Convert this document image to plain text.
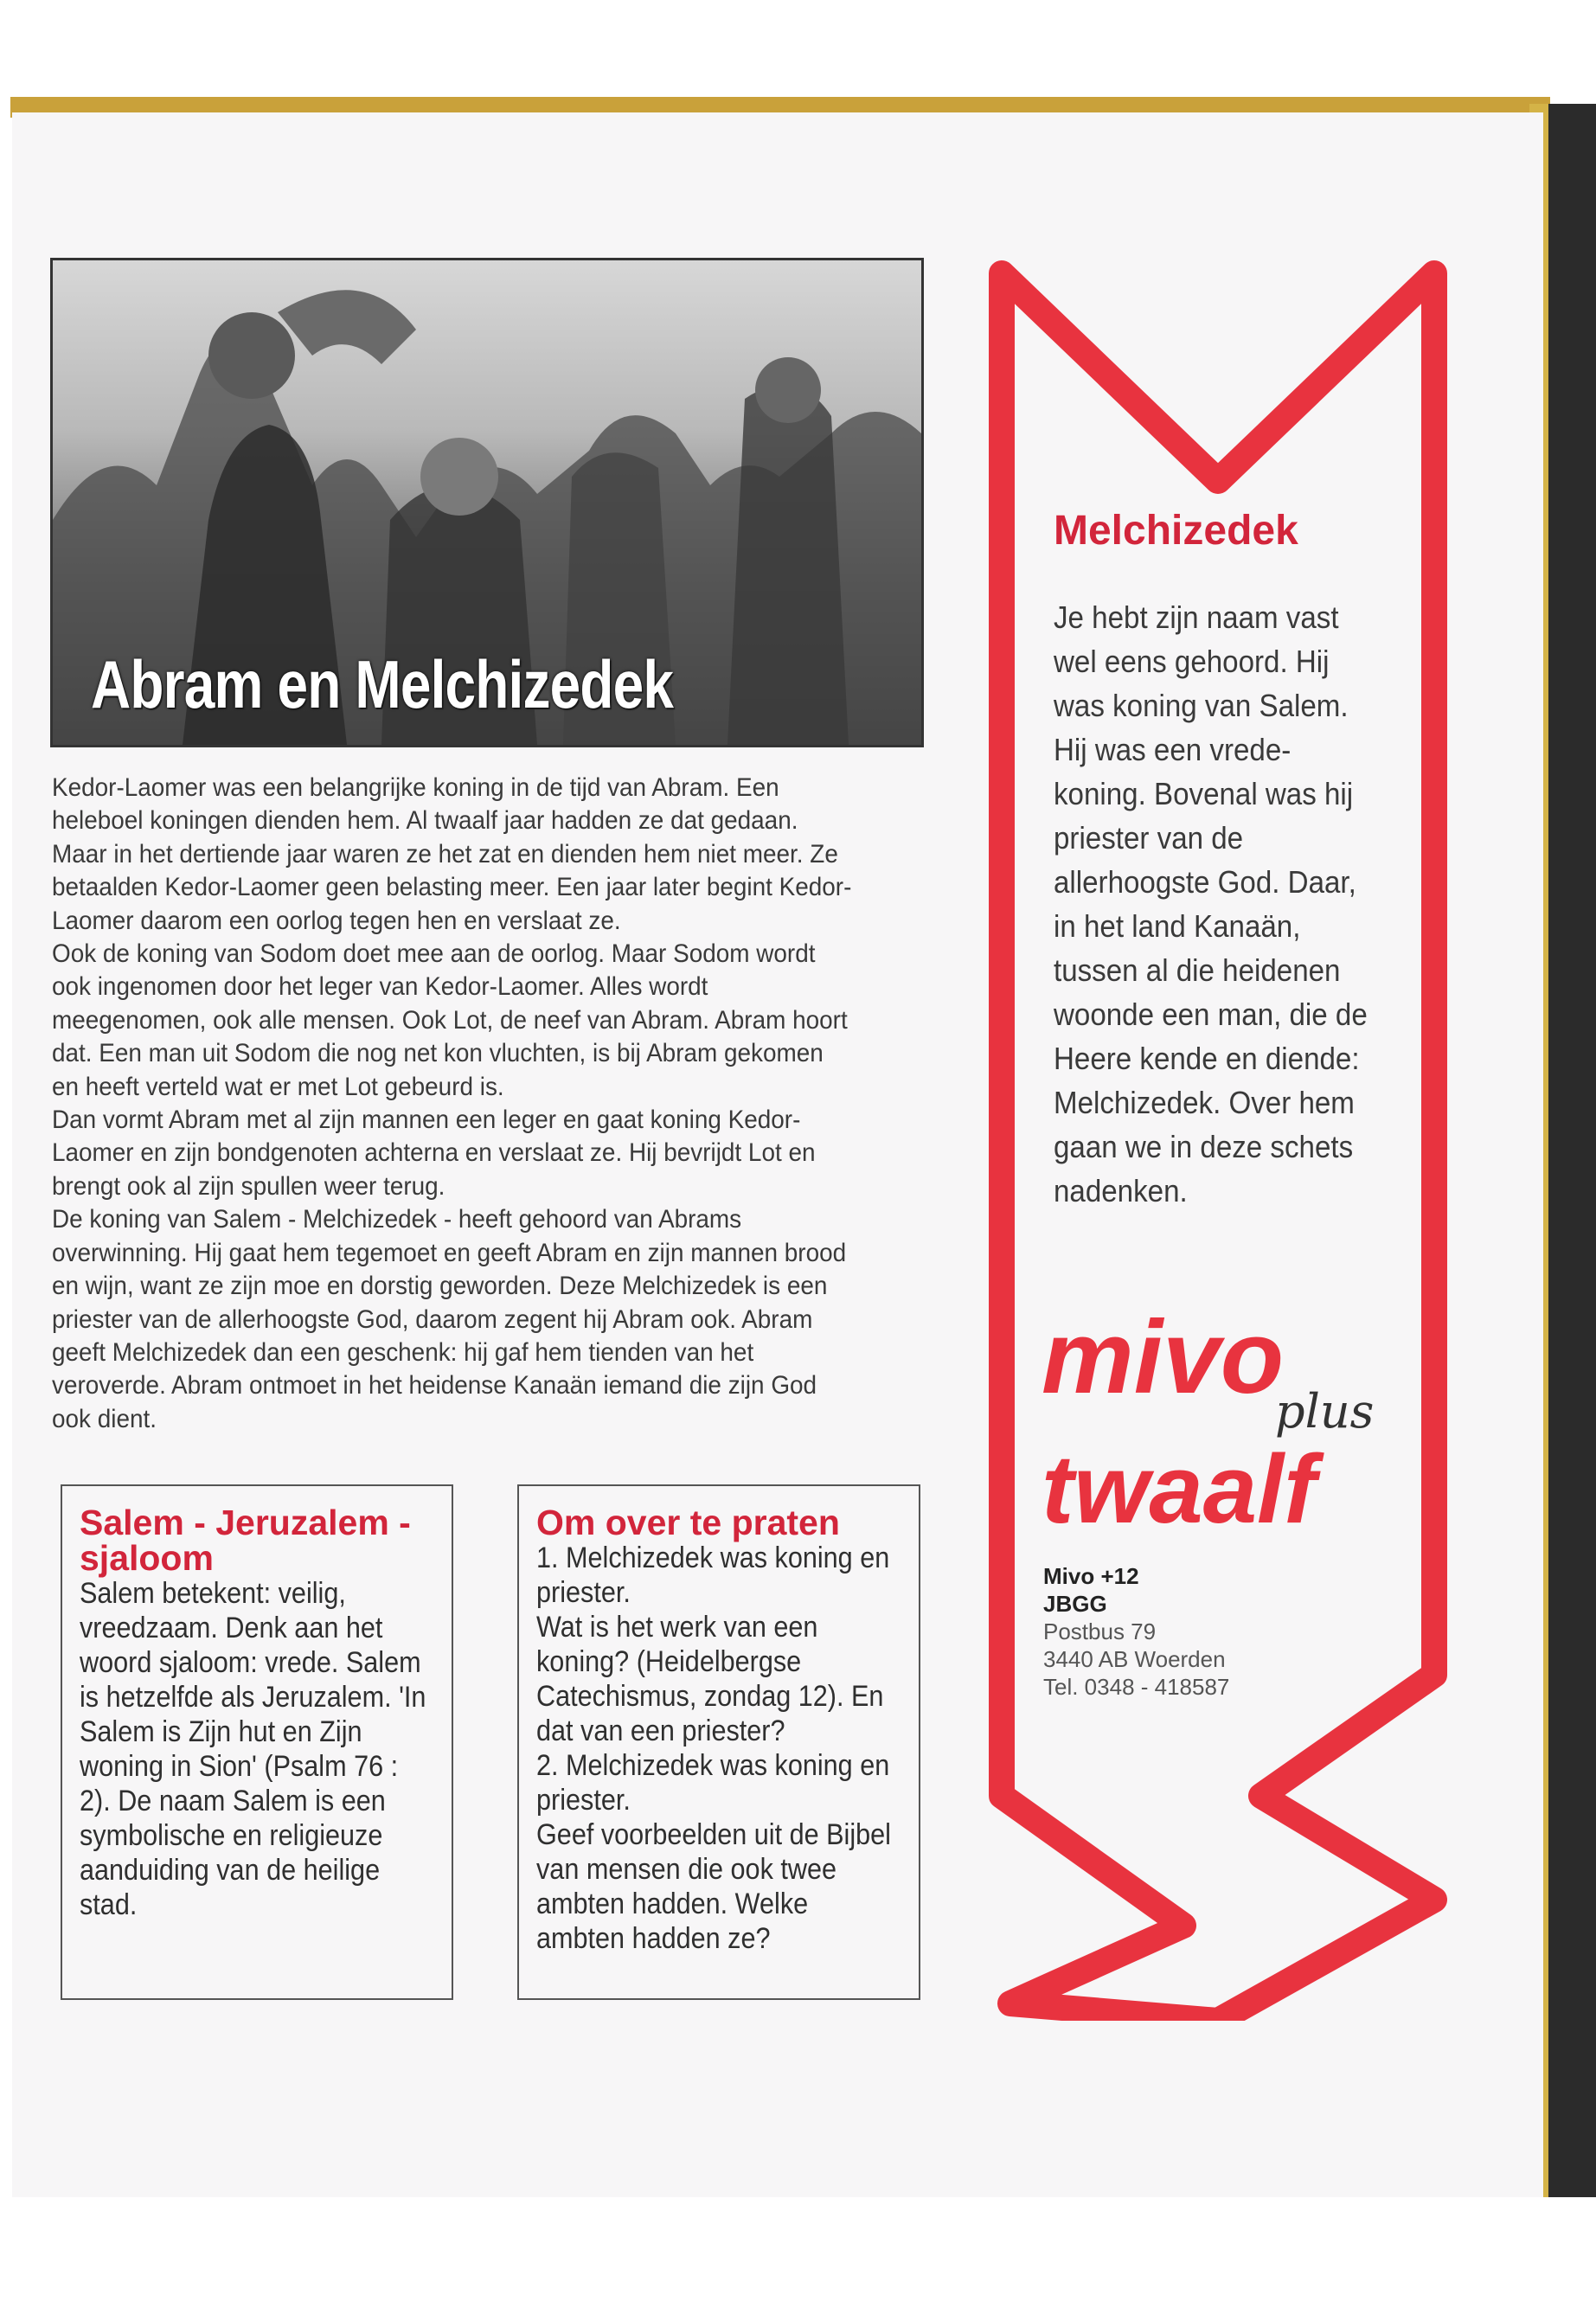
Abram en Melchizedek

Kedor-Laomer was een belangrijke koning in de tijd van Abram. Een heleboel koningen dienden hem. Al twaalf jaar hadden ze dat gedaan. Maar in het dertiende jaar waren ze het zat en dienden hem niet meer. Ze betaalden Kedor-Laomer geen belasting meer. Een jaar later begint Kedor-Laomer daarom een oorlog tegen hen en verslaat ze.

Ook de koning van Sodom doet mee aan de oorlog. Maar Sodom wordt ook ingenomen door het leger van Kedor-Laomer. Alles wordt meegenomen, ook alle mensen. Ook Lot, de neef van Abram. Abram hoort dat. Een man uit Sodom die nog net kon vluchten, is bij Abram gekomen en heeft verteld wat er met Lot gebeurd is.

Dan vormt Abram met al zijn mannen een leger en gaat koning Kedor-Laomer en zijn bondgenoten achterna en verslaat ze. Hij bevrijdt Lot en brengt ook al zijn spullen weer terug.

De koning van Salem - Melchizedek - heeft gehoord van Abrams overwinning. Hij gaat hem tegemoet en geeft Abram en zijn mannen brood en wijn, want ze zijn moe en dorstig geworden. Deze Melchizedek is een priester van de allerhoogste God, daarom zegent hij Abram ook. Abram geeft Melchizedek dan een geschenk: hij gaf hem tienden van het veroverde. Abram ontmoet in het heidense Kanaän iemand die zijn God ook dient.

Salem - Jeruzalem - sjaloom
Salem betekent: veilig, vreedzaam. Denk aan het woord sjaloom: vrede. Salem is hetzelfde als Jeruzalem. 'In Salem is Zijn hut en Zijn woning in Sion' (Psalm 76 : 2). De naam Salem is een symbolische en religieuze aanduiding van de heilige stad.
Om over te praten

1. Melchizedek was koning en priester.

Wat is het werk van een koning? (Heidelbergse Catechismus, zondag 12). En dat van een priester?

2. Melchizedek was koning en priester.

Geef voorbeelden uit de Bijbel van mensen die ook twee ambten hadden. Welke ambten hadden ze?

Melchizedek
Je hebt zijn naam vast wel eens gehoord. Hij was koning van Salem. Hij was een vrede-koning. Bovenal was hij priester van de allerhoogste God. Daar, in het land Kanaän, tussen al die heidenen woonde een man, die de Heere kende en diende: Melchizedek. Over hem gaan we in deze schets nadenken.
mivo
plus
twaalf
Mivo +12
JBGG
Postbus 79
3440 AB Woerden
Tel. 0348 - 418587
